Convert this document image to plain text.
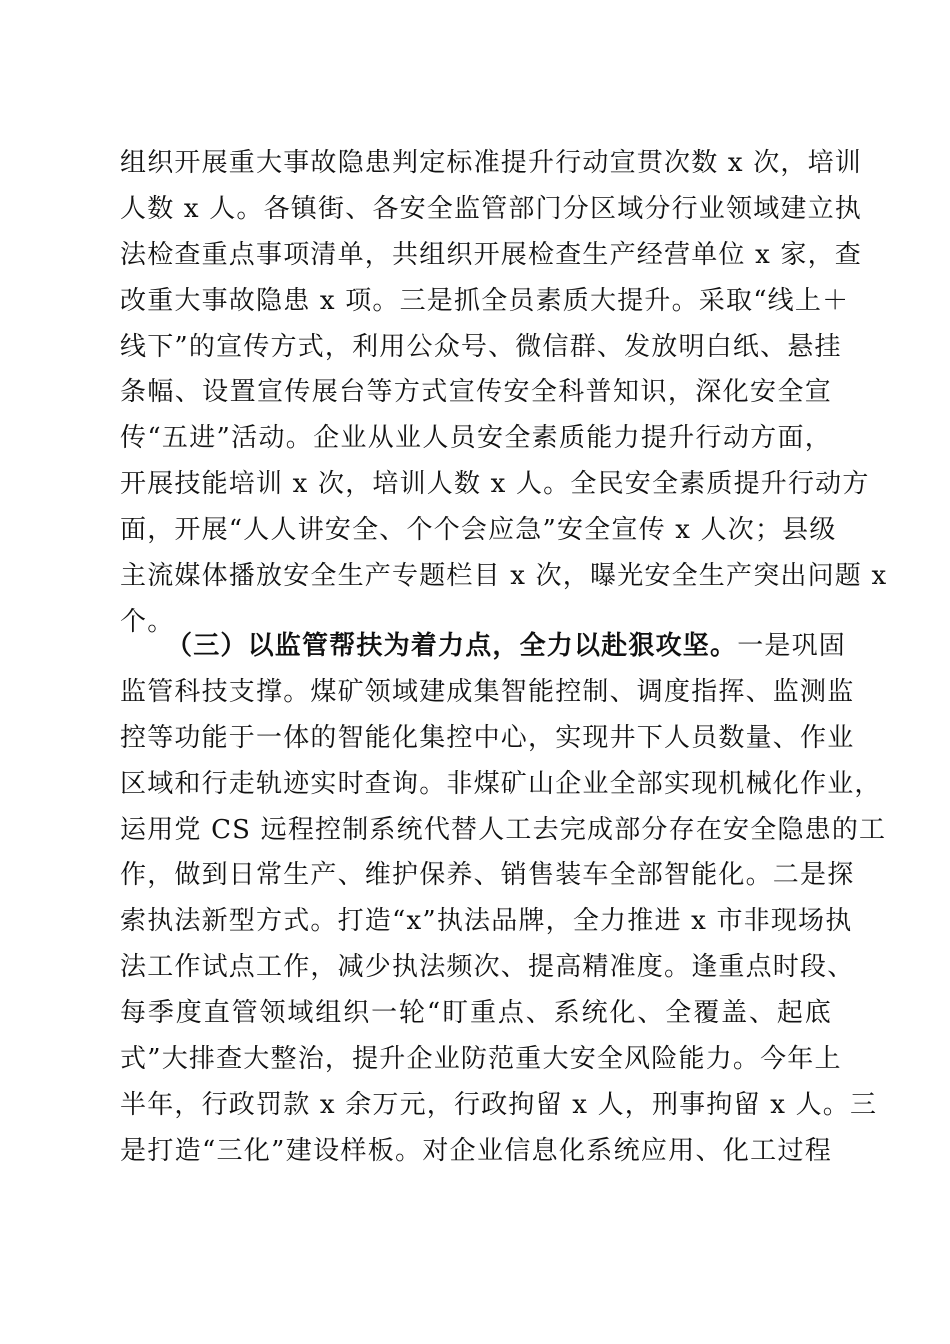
组织开展重大事故隐患判定标准提升行动宣贯次数 x 次，培训
人数 x 人。各镇街、各安全监管部门分区域分行业领域建立执
法检查重点事项清单，共组织开展检查生产经营单位 x 家，查
改重大事故隐患 x 项。三是抓全员素质大提升。采取“线上＋
线下”的宣传方式，利用公众号、微信群、发放明白纸、悬挂
条幅、设置宣传展台等方式宣传安全科普知识，深化安全宣
传“五进”活动。企业从业人员安全素质能力提升行动方面，
开展技能培训 x 次，培训人数 x 人。全民安全素质提升行动方
面，开展“人人讲安全、个个会应急”安全宣传 x 人次；县级
主流媒体播放安全生产专题栏目 x 次，曝光安全生产突出问题 x
个。
（三）以监管帮扶为着力点，全力以赴狠攻坚。一是巩固
监管科技支撑。煤矿领域建成集智能控制、调度指挥、监测监
控等功能于一体的智能化集控中心，实现井下人员数量、作业
区域和行走轨迹实时查询。非煤矿山企业全部实现机械化作业，
运用党 CS 远程控制系统代替人工去完成部分存在安全隐患的工
作，做到日常生产、维护保养、销售装车全部智能化。二是探
索执法新型方式。打造“x”执法品牌，全力推进 x 市非现场执
法工作试点工作，减少执法频次、提高精准度。逢重点时段、
每季度直管领域组织一轮“盯重点、系统化、全覆盖、起底
式”大排查大整治，提升企业防范重大安全风险能力。今年上
半年，行政罚款 x 余万元，行政拘留 x 人，刑事拘留 x 人。三
是打造“三化”建设样板。对企业信息化系统应用、化工过程
